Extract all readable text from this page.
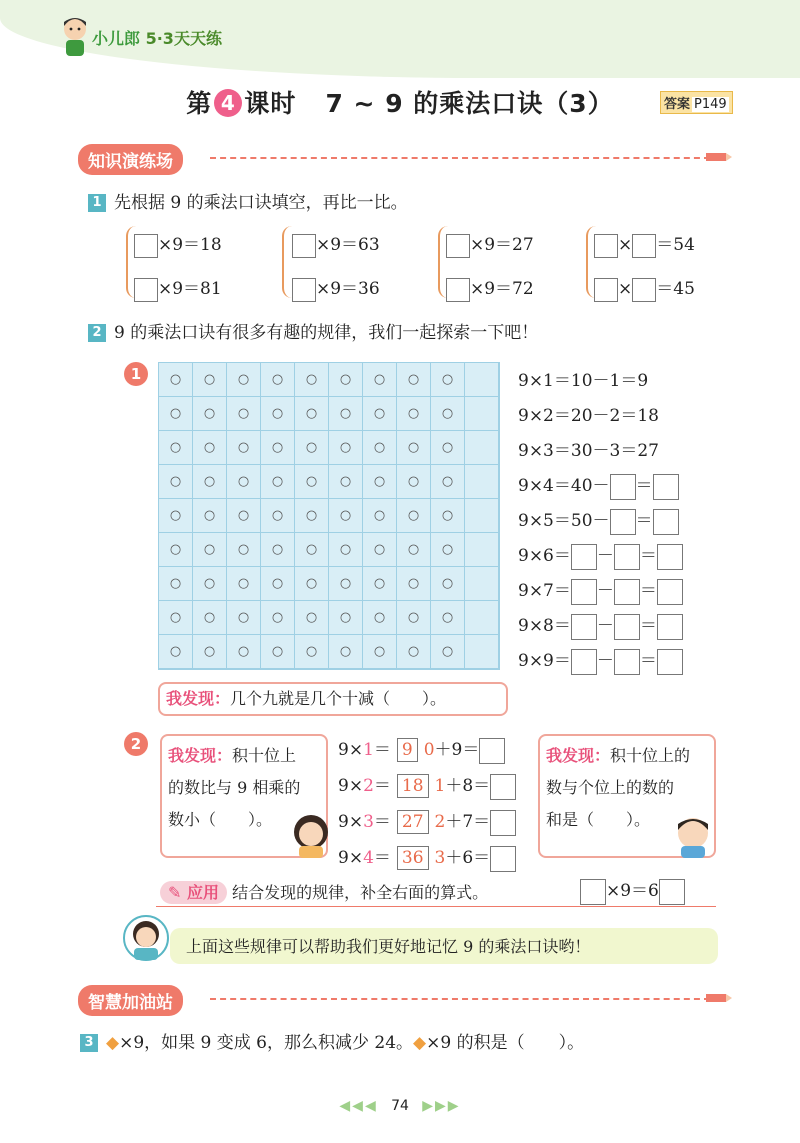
小儿郎 5·3天天练
第 4 课时 7 ~ 9 的乘法口诀（3）	答案 P149
知识演练场
1 先根据 9 的乘法口诀填空，再比一比。
×9＝18
×9＝81
×9＝63
×9＝36
×9＝27
×9＝72
× ＝54
× ＝45
2 9 的乘法口诀有很多有趣的规律，我们一起探索一下吧！
1	○	○	○	○	○	○	○	○	○
○	○	○	○	○	○	○	○	○
○	○	○	○	○	○	○	○	○
○	○	○	○	○	○	○	○	○
○	○	○	○	○	○	○	○	○
○	○	○	○	○	○	○	○	○
○	○	○	○	○	○	○	○	○
○	○	○	○	○	○	○	○	○
○	○	○	○	○	○	○	○	○
9×1＝10－1＝9
9×2＝20－2＝18
9×3＝30－3＝27
9×4＝40－ ＝
9×5＝50－ ＝
9×6＝ － ＝
9×7＝ － ＝
9×8＝ － ＝
9×9＝ － ＝
我发现：几个九就是几个十减（　　）。
2
我发现：积十位上
的数比与 9 相乘的
数小（　　）。
9×1＝ 9 0＋9＝
9×2＝ 18 1＋8＝
9×3＝ 27 2＋7＝
9×4＝ 36 3＋6＝
我发现：积十位上的
数与个位上的数的
和是（　　）。
✎ 应用 结合发现的规律，补全右面的算式。	×9＝6
上面这些规律可以帮助我们更好地记忆 9 的乘法口诀哟！
智慧加油站
3 ◆×9，如果 9 变成 6，那么积减少 24。◆×9 的积是（　　）。
◀◀◀ 74 ▶▶▶
